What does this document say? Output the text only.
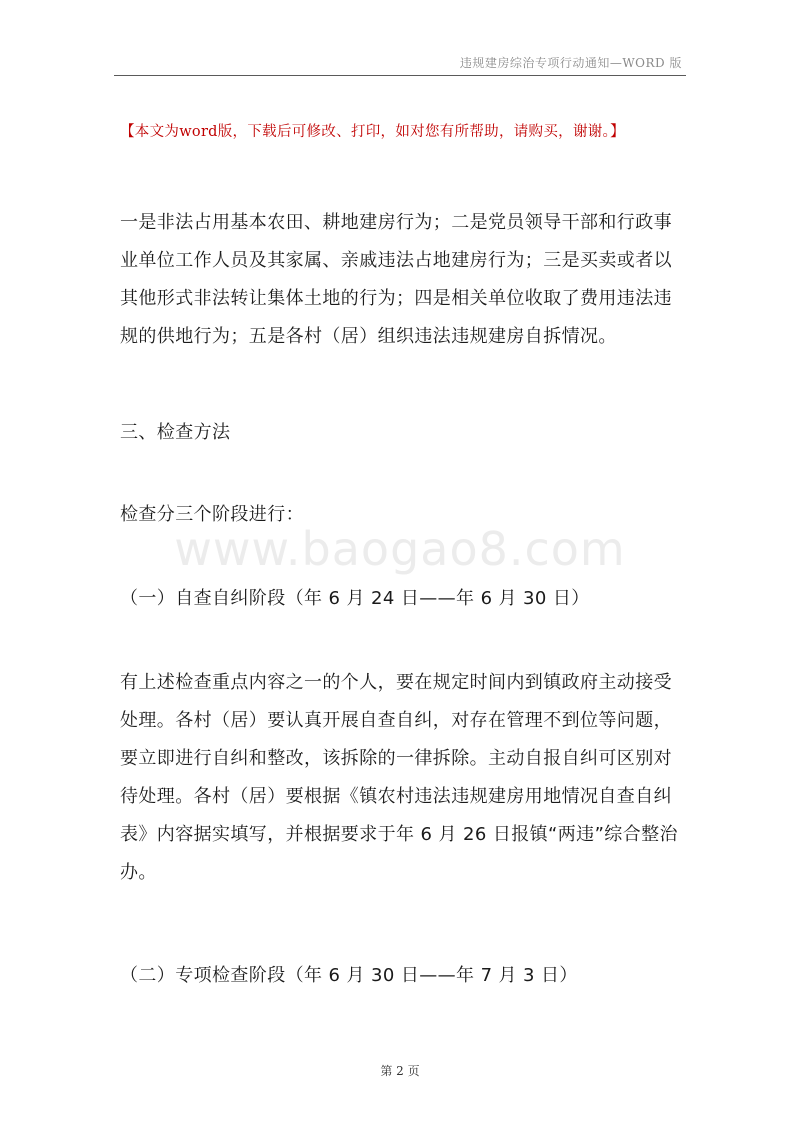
违规建房综治专项行动通知—WORD 版
【本文为word版，下载后可修改、打印，如对您有所帮助，请购买，谢谢。】
一是非法占用基本农田、耕地建房行为；二是党员领导干部和行政事
业单位工作人员及其家属、亲戚违法占地建房行为；三是买卖或者以
其他形式非法转让集体土地的行为；四是相关单位收取了费用违法违
规的供地行为；五是各村（居）组织违法违规建房自拆情况。
三、检查方法
检查分三个阶段进行：
www.baogao8.com
（一）自查自纠阶段（年 6 月 24 日——年 6 月 30 日）
有上述检查重点内容之一的个人，要在规定时间内到镇政府主动接受
处理。各村（居）要认真开展自查自纠，对存在管理不到位等问题，
要立即进行自纠和整改，该拆除的一律拆除。主动自报自纠可区别对
待处理。各村（居）要根据《镇农村违法违规建房用地情况自查自纠
表》内容据实填写，并根据要求于年 6 月 26 日报镇“两违”综合整治
办。
（二）专项检查阶段（年 6 月 30 日——年 7 月 3 日）
第 2 页
